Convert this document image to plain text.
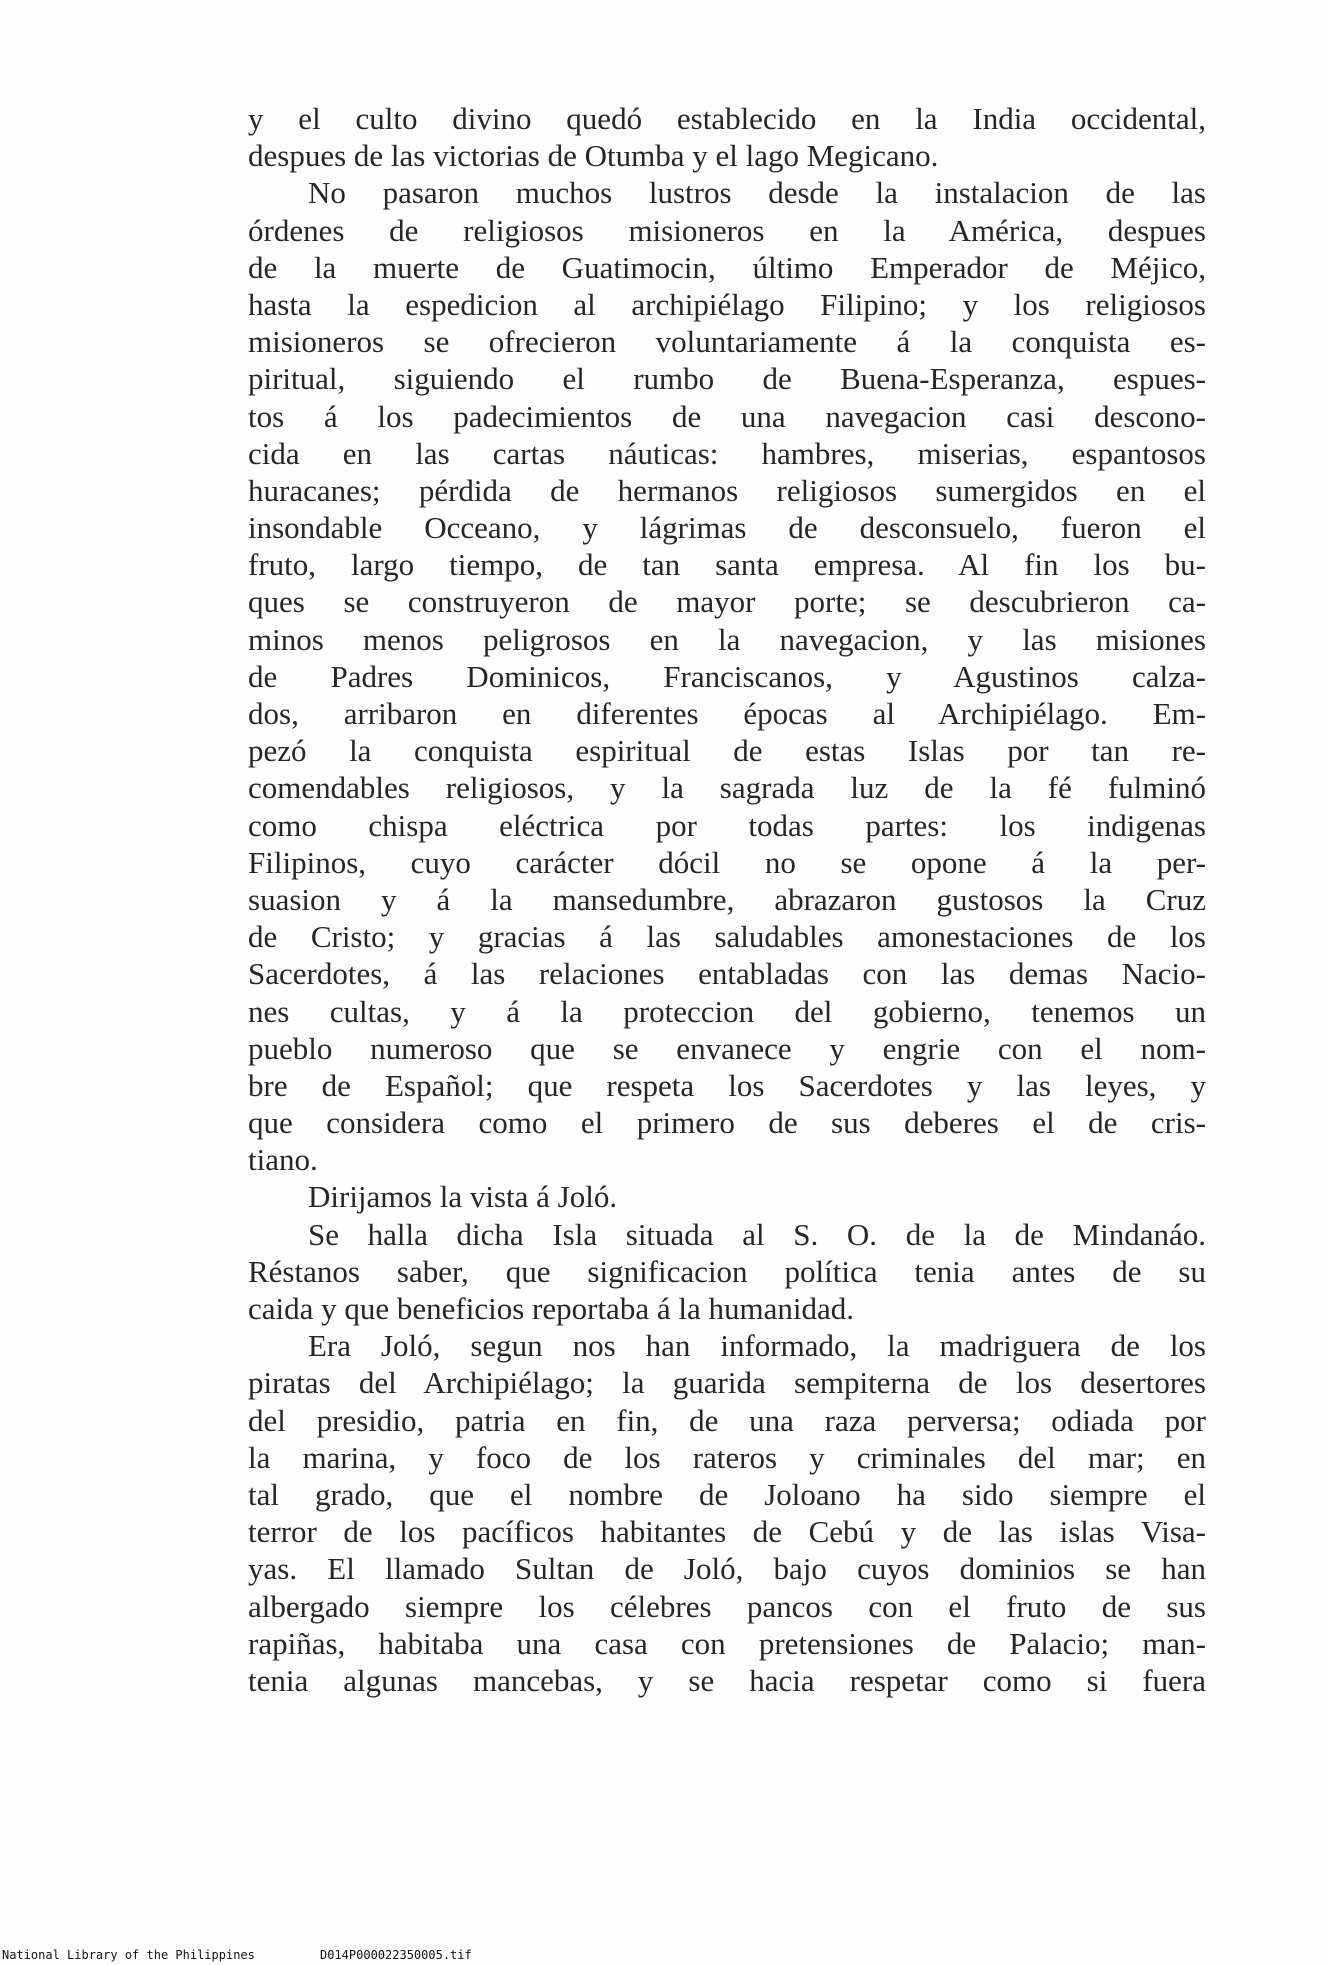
y el culto divino quedó establecido en la India occidental,
despues de las victorias de Otumba y el lago Megicano.
No pasaron muchos lustros desde la instalacion de las
órdenes de religiosos misioneros en la América, despues
de la muerte de Guatimocin, último Emperador de Méjico,
hasta la espedicion al archipiélago Filipino; y los religiosos
misioneros se ofrecieron voluntariamente á la conquista es-
piritual, siguiendo el rumbo de Buena-Esperanza, espues-
tos á los padecimientos de una navegacion casi descono-
cida en las cartas náuticas: hambres, miserias, espantosos
huracanes; pérdida de hermanos religiosos sumergidos en el
insondable Occeano, y lágrimas de desconsuelo, fueron el
fruto, largo tiempo, de tan santa empresa. Al fin los bu-
ques se construyeron de mayor porte; se descubrieron ca-
minos menos peligrosos en la navegacion, y las misiones
de Padres Dominicos, Franciscanos, y Agustinos calza-
dos, arribaron en diferentes épocas al Archipiélago. Em-
pezó la conquista espiritual de estas Islas por tan re-
comendables religiosos, y la sagrada luz de la fé fulminó
como chispa eléctrica por todas partes: los indigenas
Filipinos, cuyo carácter dócil no se opone á la per-
suasion y á la mansedumbre, abrazaron gustosos la Cruz
de Cristo; y gracias á las saludables amonestaciones de los
Sacerdotes, á las relaciones entabladas con las demas Nacio-
nes cultas, y á la proteccion del gobierno, tenemos un
pueblo numeroso que se envanece y engrie con el nom-
bre de Español; que respeta los Sacerdotes y las leyes, y
que considera como el primero de sus deberes el de cris-
tiano.
Dirijamos la vista á Joló.
Se halla dicha Isla situada al S. O. de la de Mindanáo.
Réstanos saber, que significacion política tenia antes de su
caida y que beneficios reportaba á la humanidad.
Era Joló, segun nos han informado, la madriguera de los
piratas del Archipiélago; la guarida sempiterna de los desertores
del presidio, patria en fin, de una raza perversa; odiada por
la marina, y foco de los rateros y criminales del mar; en
tal grado, que el nombre de Joloano ha sido siempre el
terror de los pacíficos habitantes de Cebú y de las islas Visa-
yas. El llamado Sultan de Joló, bajo cuyos dominios se han
albergado siempre los célebres pancos con el fruto de sus
rapiñas, habitaba una casa con pretensiones de Palacio; man-
tenia algunas mancebas, y se hacia respetar como si fuera
National Library of the Philippines	D014P000022350005.tif
